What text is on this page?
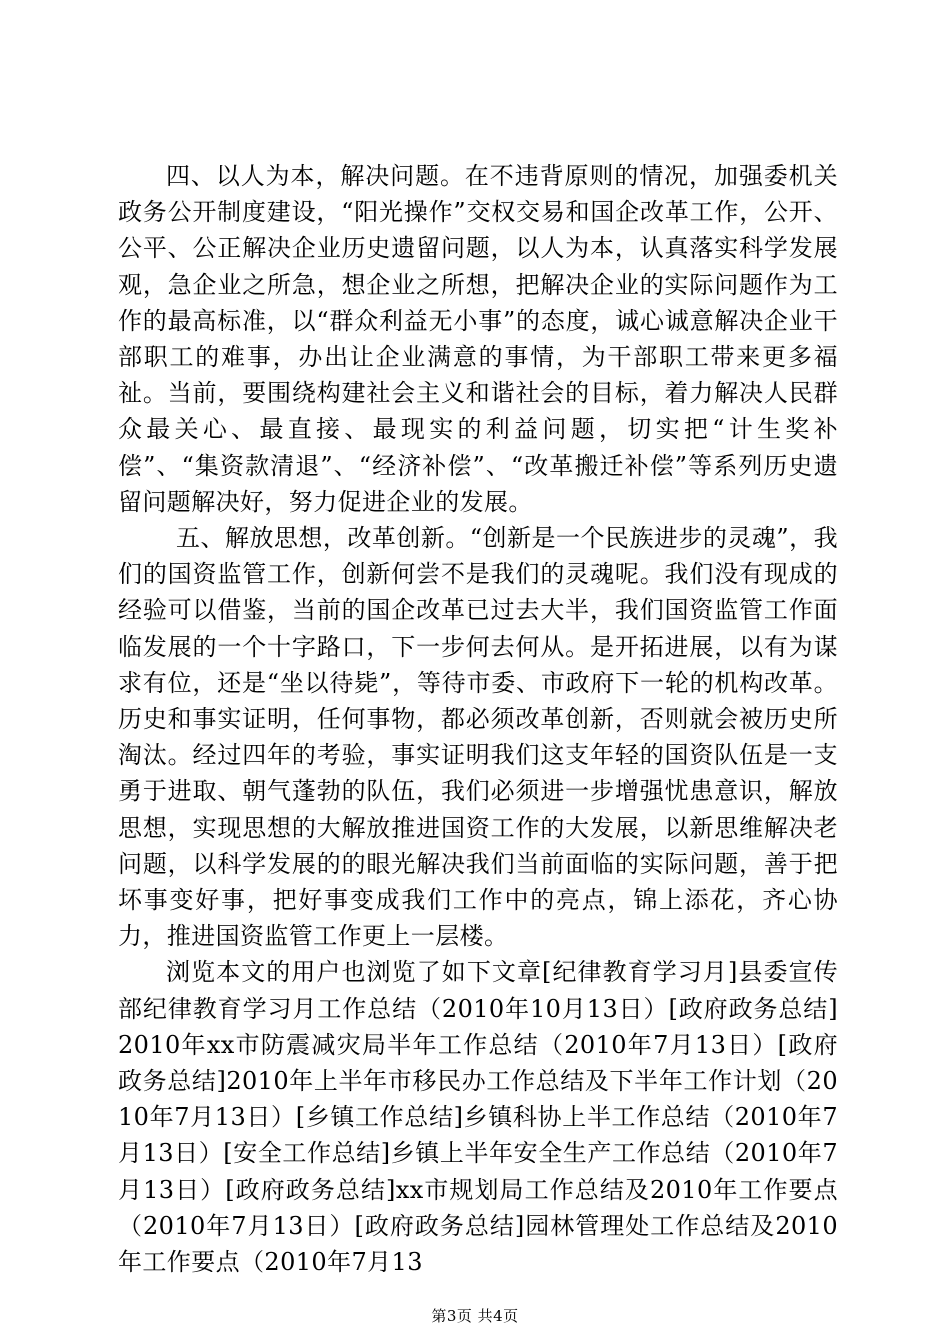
四、以人为本，解决问题。在不违背原则的情况，加强委机关政务公开制度建设，“阳光操作”交权交易和国企改革工作，公开、公平、公正解决企业历史遗留问题，以人为本，认真落实科学发展观，急企业之所急，想企业之所想，把解决企业的实际问题作为工作的最高标准，以“群众利益无小事”的态度，诚心诚意解决企业干部职工的难事，办出让企业满意的事情，为干部职工带来更多福祉。当前，要围绕构建社会主义和谐社会的目标，着力解决人民群众最关心、最直接、最现实的利益问题，切实把“计生奖补偿”、“集资款清退”、“经济补偿”、“改革搬迁补偿”等系列历史遗留问题解决好，努力促进企业的发展。

五、解放思想，改革创新。“创新是一个民族进步的灵魂”，我们的国资监管工作，创新何尝不是我们的灵魂呢。我们没有现成的经验可以借鉴，当前的国企改革已过去大半，我们国资监管工作面临发展的一个十字路口，下一步何去何从。是开拓进展，以有为谋求有位，还是“坐以待毙”，等待市委、市政府下一轮的机构改革。历史和事实证明，任何事物，都必须改革创新，否则就会被历史所淘汰。经过四年的考验，事实证明我们这支年轻的国资队伍是一支勇于进取、朝气蓬勃的队伍，我们必须进一步增强忧患意识，解放思想，实现思想的大解放推进国资工作的大发展，以新思维解决老问题，以科学发展的的眼光解决我们当前面临的实际问题，善于把坏事变好事，把好事变成我们工作中的亮点，锦上添花，齐心协力，推进国资监管工作更上一层楼。

浏览本文的用户也浏览了如下文章[纪律教育学习月]县委宣传部纪律教育学习月工作总结（2010年10月13日）[政府政务总结]2010年xx市防震减灾局半年工作总结（2010年7月13日）[政府政务总结]2010年上半年市移民办工作总结及下半年工作计划（2010年7月13日）[乡镇工作总结]乡镇科协上半工作总结（2010年7月13日）[安全工作总结]乡镇上半年安全生产工作总结（2010年7月13日）[政府政务总结]xx市规划局工作总结及2010年工作要点（2010年7月13日）[政府政务总结]园林管理处工作总结及2010年工作要点（2010年7月13

第3页 共4页
